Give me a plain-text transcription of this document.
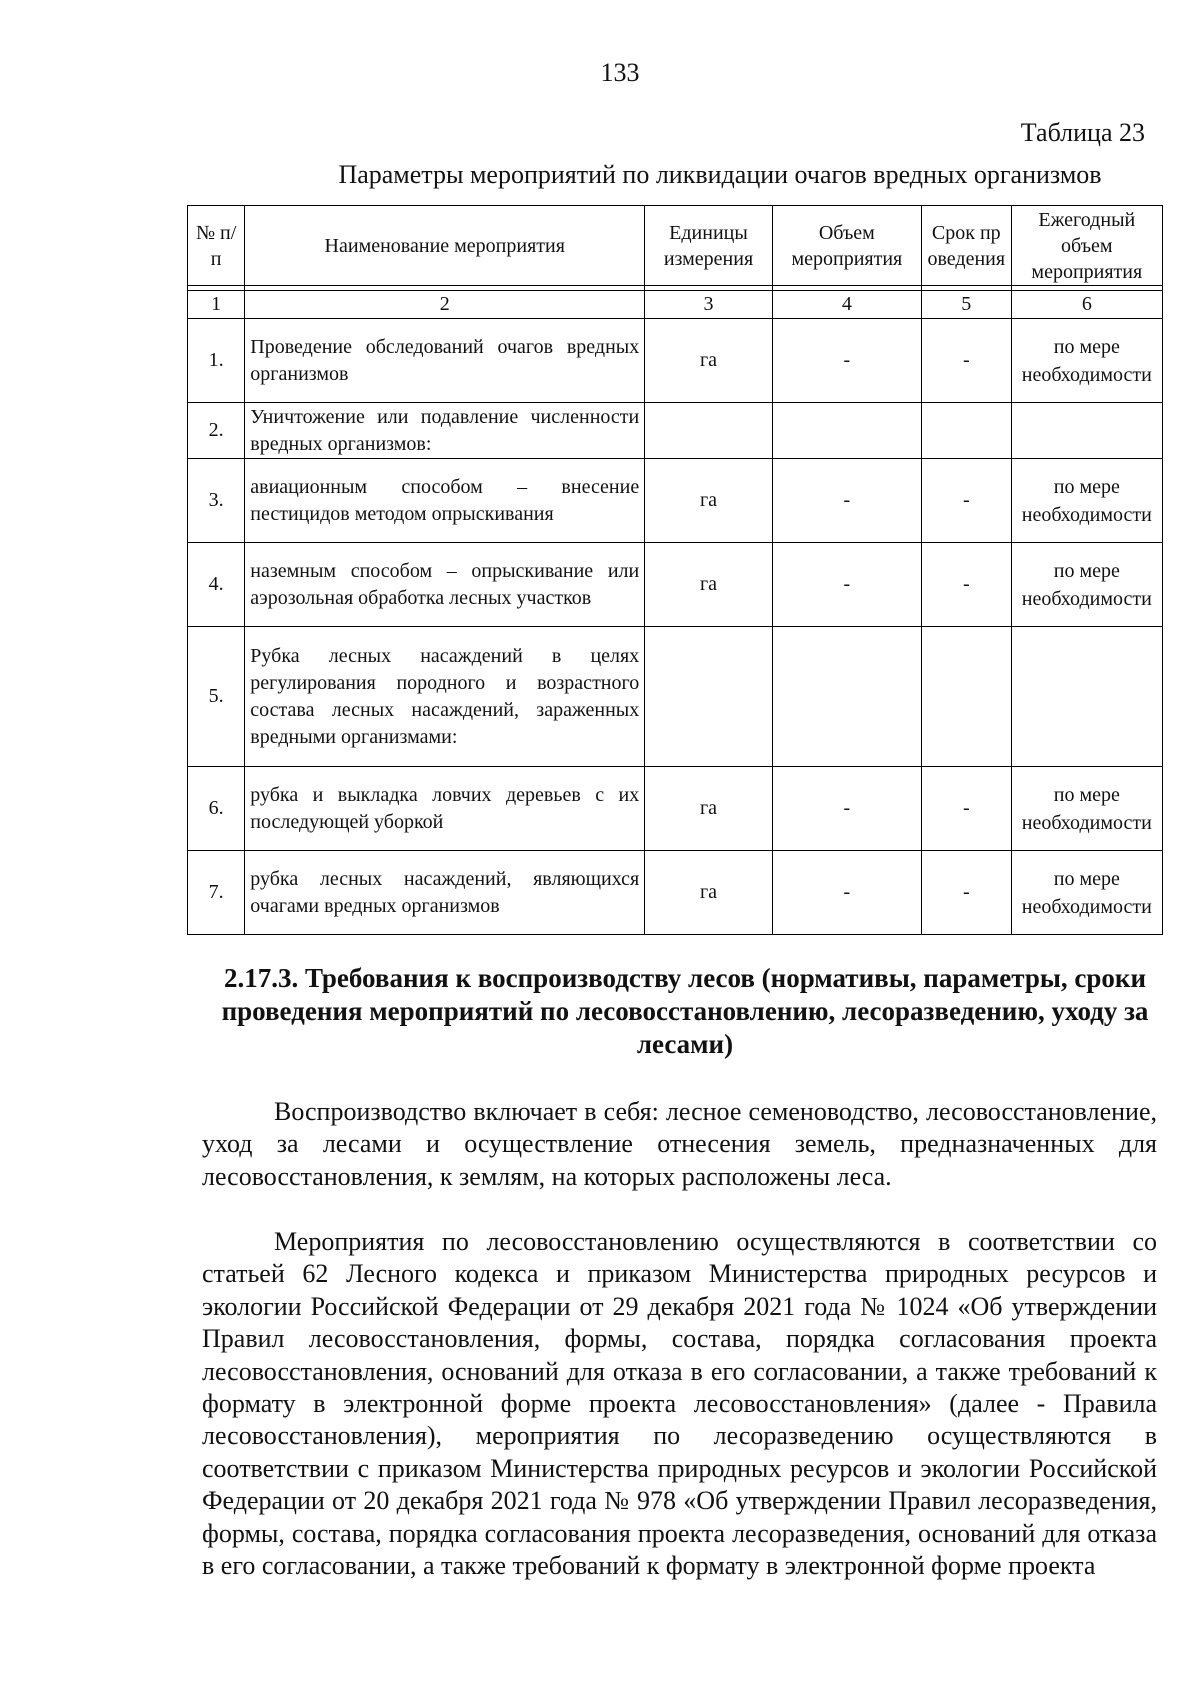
133
Таблица 23
Параметры мероприятий по ликвидации очагов вредных организмов
№ п/п	Наименование мероприятия	Единицы измерения	Объем мероприятия	Срок проведения	Ежегодный объем мероприятия

1	2	3	4	5	6
1.	Проведение обследований очагов вредных организмов	га	-	-	по мере необходимости
2.	Уничтожение или подавление численности вредных организмов:				
3.	авиационным способом – внесение пестицидов методом опрыскивания	га	-	-	по мере необходимости
4.	наземным способом – опрыскивание или аэрозольная обработка лесных участков	га	-	-	по мере необходимости
5.	Рубка лесных насаждений в целях регулирования породного и возрастного состава лесных насаждений, зараженных вредными организмами:				
6.	рубка и выкладка ловчих деревьев с их последующей уборкой	га	-	-	по мере необходимости
7.	рубка лесных насаждений, являющихся очагами вредных организмов	га	-	-	по мере необходимости
2.17.3. Требования к воспроизводству лесов (нормативы, параметры, сроки проведения мероприятий по лесовосстановлению, лесоразведению, уходу за лесами)

Воспроизводство включает в себя: лесное семеноводство, лесовосстановление, уход за лесами и осуществление отнесения земель, предназначенных для лесовосстановления, к землям, на которых расположены леса.

Мероприятия по лесовосстановлению осуществляются в соответствии со статьей 62 Лесного кодекса и приказом Министерства природных ресурсов и экологии Российской Федерации от 29 декабря 2021 года № 1024 «Об утверждении Правил лесовосстановления, формы, состава, порядка согласования проекта лесовосстановления, оснований для отказа в его согласовании, а также требований к формату в электронной форме проекта лесовосстановления» (далее - Правила лесовосстановления), мероприятия по лесоразведению осуществляются в соответствии с приказом Министерства природных ресурсов и экологии Российской Федерации от 20 декабря 2021 года № 978 «Об утверждении Правил лесоразведения, формы, состава, порядка согласования проекта лесоразведения, оснований для отказа в его согласовании, а также требований к формату в электронной форме проекта
